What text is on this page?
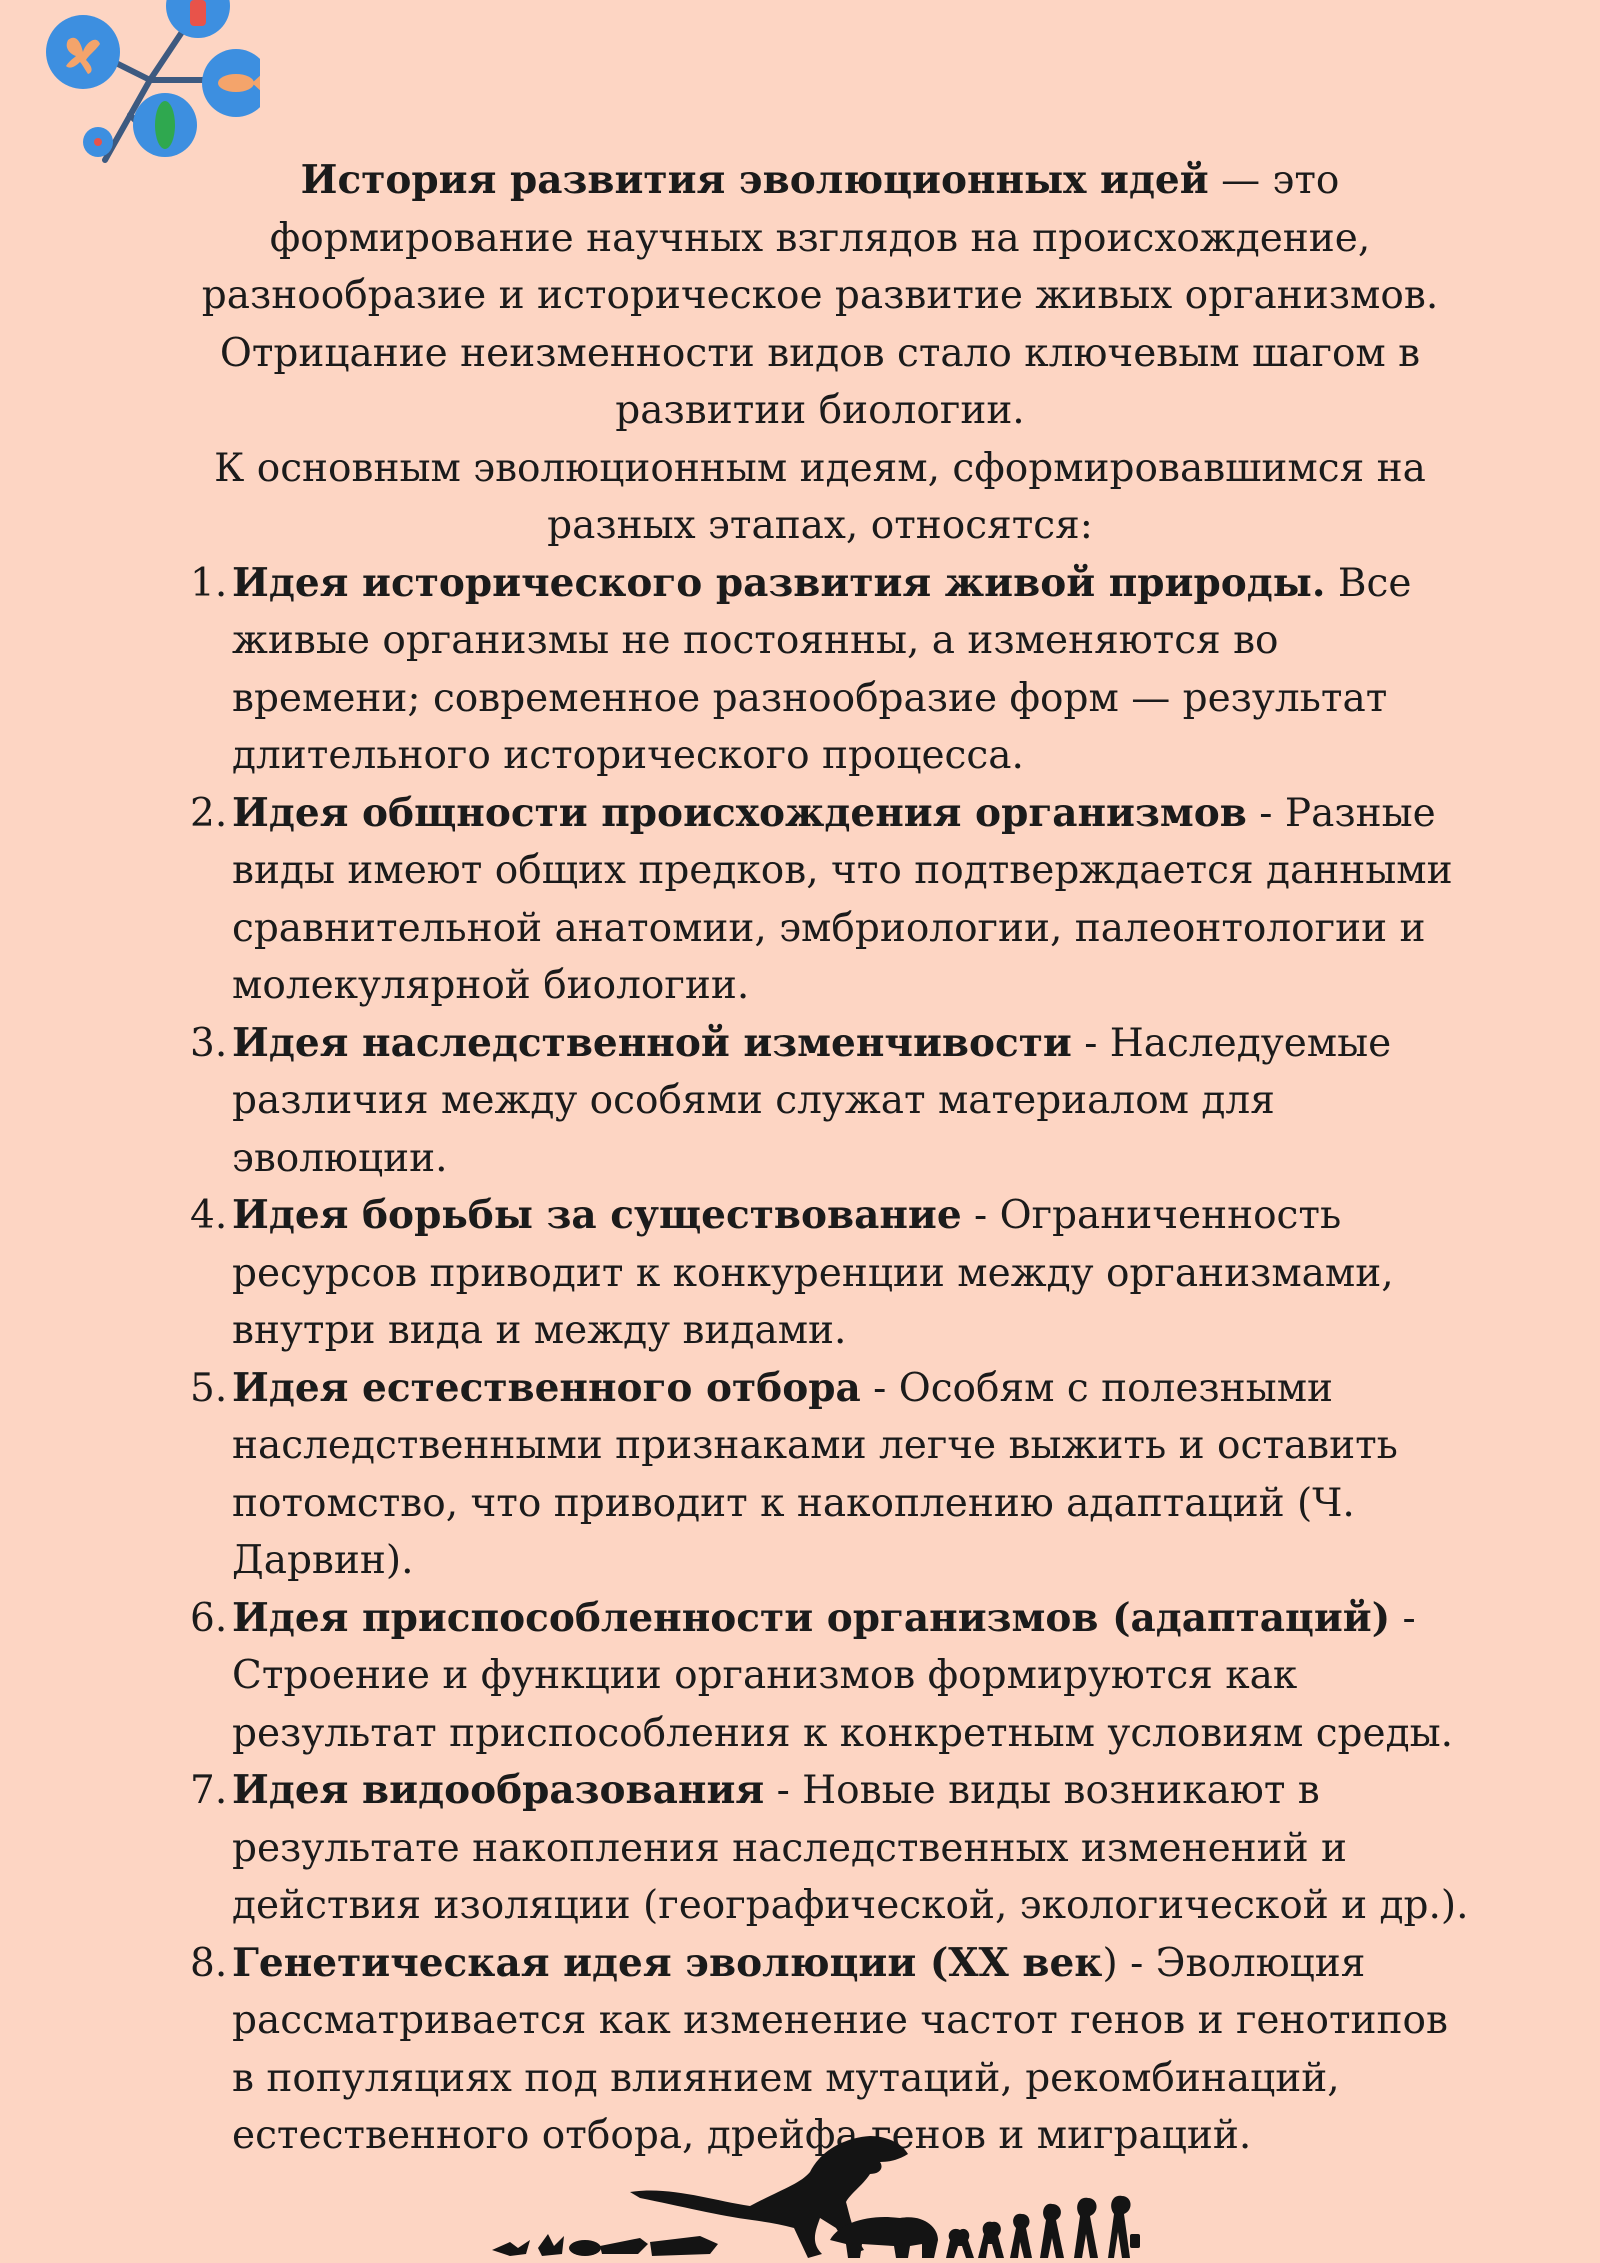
История развития эволюционных идей — это формирование научных взглядов на происхождение, разнообразие и историческое развитие живых организмов. Отрицание неизменности видов стало ключевым шагом в развитии биологии.

К основным эволюционным идеям, сформировавшимся на разных этапах, относятся:

1. Идея исторического развития живой природы. Все живые организмы не постоянны, а изменяются во времени; современное разнообразие форм — результат длительного исторического процесса.
2. Идея общности происхождения организмов - Разные виды имеют общих предков, что подтверждается данными сравнительной анатомии, эмбриологии, палеонтологии и молекулярной биологии.
3. Идея наследственной изменчивости - Наследуемые различия между особями служат материалом для эволюции.
4. Идея борьбы за существование - Ограниченность ресурсов приводит к конкуренции между организмами, внутри вида и между видами.
5. Идея естественного отбора - Особям с полезными наследственными признаками легче выжить и оставить потомство, что приводит к накоплению адаптаций (Ч. Дарвин).
6. Идея приспособленности организмов (адаптаций) - Строение и функции организмов формируются как результат приспособления к конкретным условиям среды.
7. Идея видообразования - Новые виды возникают в результате накопления наследственных изменений и действия изоляции (географической, экологической и др.).
8. Генетическая идея эволюции (XX век) - Эволюция рассматривается как изменение частот генов и генотипов в популяциях под влиянием мутаций, рекомбинаций, естественного отбора, дрейфа генов и миграций.
